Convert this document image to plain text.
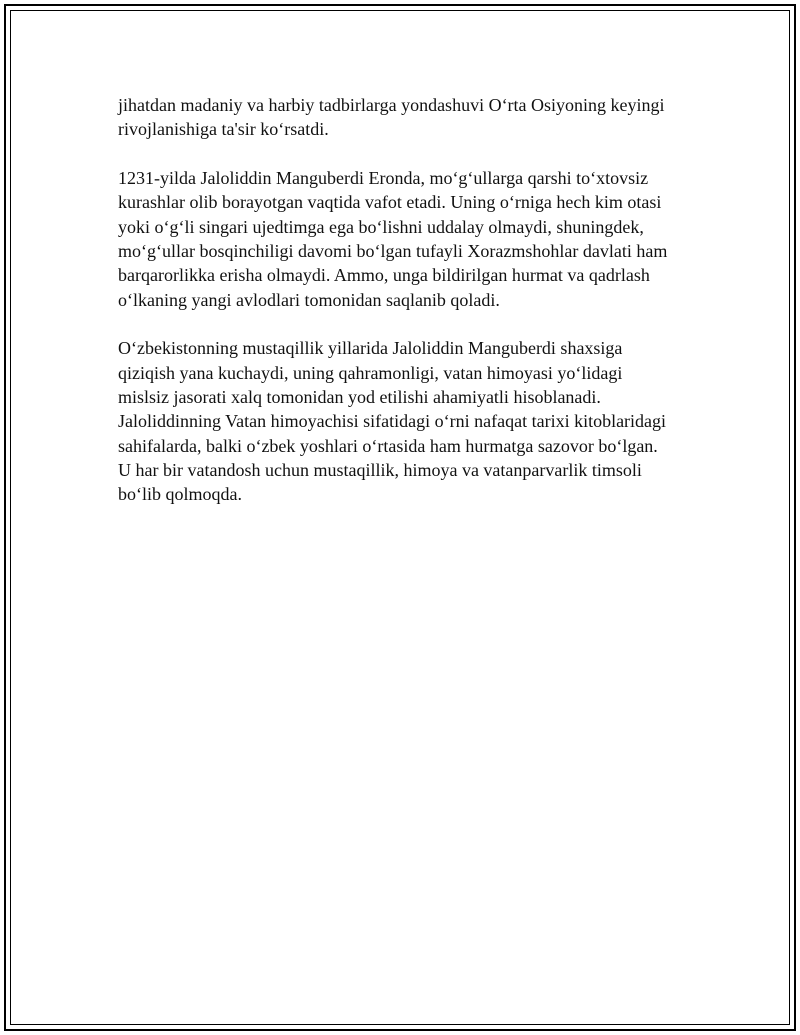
jihatdan madaniy va harbiy tadbirlarga yondashuvi O‘rta Osiyoning keyingi
rivojlanishiga ta'sir ko‘rsatdi.

1231-yilda Jaloliddin Manguberdi Eronda, mo‘g‘ullarga qarshi to‘xtovsiz
kurashlar olib borayotgan vaqtida vafot etadi. Uning o‘rniga hech kim otasi
yoki o‘g‘li singari ujedtimga ega bo‘lishni uddalay olmaydi, shuningdek,
mo‘g‘ullar bosqinchiligi davomi bo‘lgan tufayli Xorazmshohlar davlati ham
barqarorlikka erisha olmaydi. Ammo, unga bildirilgan hurmat va qadrlash
o‘lkaning yangi avlodlari tomonidan saqlanib qoladi.

O‘zbekistonning mustaqillik yillarida Jaloliddin Manguberdi shaxsiga
qiziqish yana kuchaydi, uning qahramonligi, vatan himoyasi yo‘lidagi
mislsiz jasorati xalq tomonidan yod etilishi ahamiyatli hisoblanadi.
Jaloliddinning Vatan himoyachisi sifatidagi o‘rni nafaqat tarixi kitoblaridagi
sahifalarda, balki o‘zbek yoshlari o‘rtasida ham hurmatga sazovor bo‘lgan.
U har bir vatandosh uchun mustaqillik, himoya va vatanparvarlik timsoli
bo‘lib qolmoqda.
